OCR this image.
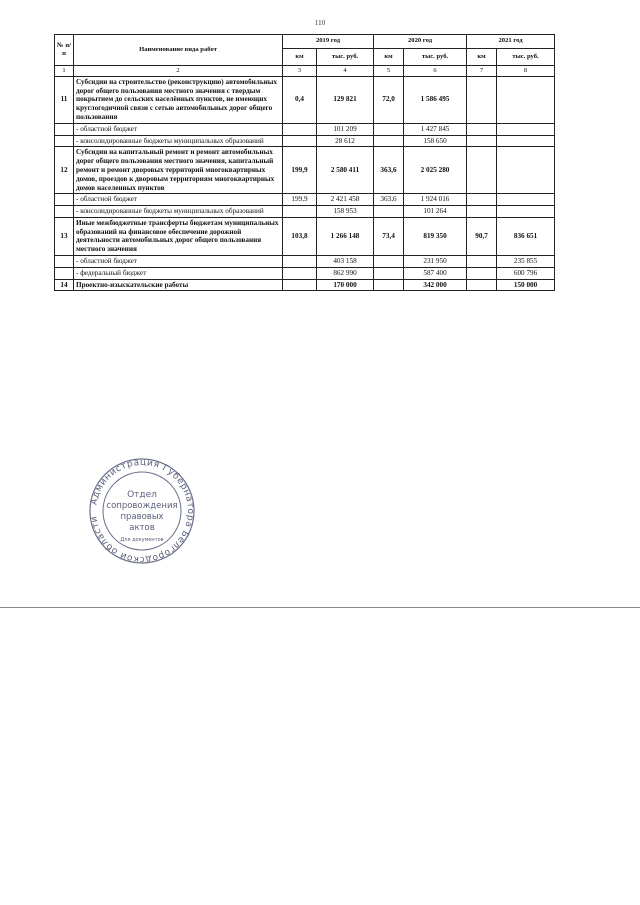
110
№ п/п	Наименование вида работ	2019 год		2020 год		2021 год	
		км	тыс. руб.	км	тыс. руб.	км	тыс. руб.
1	2	3	4	5	6	7	8
11	Субсидии на строительство (реконструкцию) автомобильных дорог общего пользования местного значения с твердым покрытием до сельских населённых пунктов, не имеющих круглогодичной связи с сетью автомобильных дорог общего пользования	0,4	129 821	72,0	1 586 495		
	- областной бюджет		101 209		1 427 845		
	- консолидированные бюджеты муниципальных образований		28 612		158 650		
12	Субсидии на капитальный ремонт и ремонт автомобильных дорог общего пользования местного значения, капитальный ремонт и ремонт дворовых территорий многоквартирных домов, проездов к дворовым территориям многоквартирных домов населенных пунктов	199,9	2 580 411	363,6	2 025 280		
	- областной бюджет	199,9	2 421 458	363,6	1 924 016		
	- консолидированные бюджеты муниципальных образований		158 953		101 264		
13	Иные межбюджетные трансферты бюджетам муниципальных образований на финансовое обеспечение дорожной деятельности автомобильных дорог общего пользования местного значения	103,8	1 266 148	73,4	819 350	90,7	836 651
	- областной бюджет		403 158		231 950		235 855
	- федеральный бюджет		862 990		587 400		600 796
14	Проектно-изыскательские работы		170 000		342 000		150 000
Администрация Губернатора Белгородской области
Отдел
сопровождения
правовых
актов
Для документов
